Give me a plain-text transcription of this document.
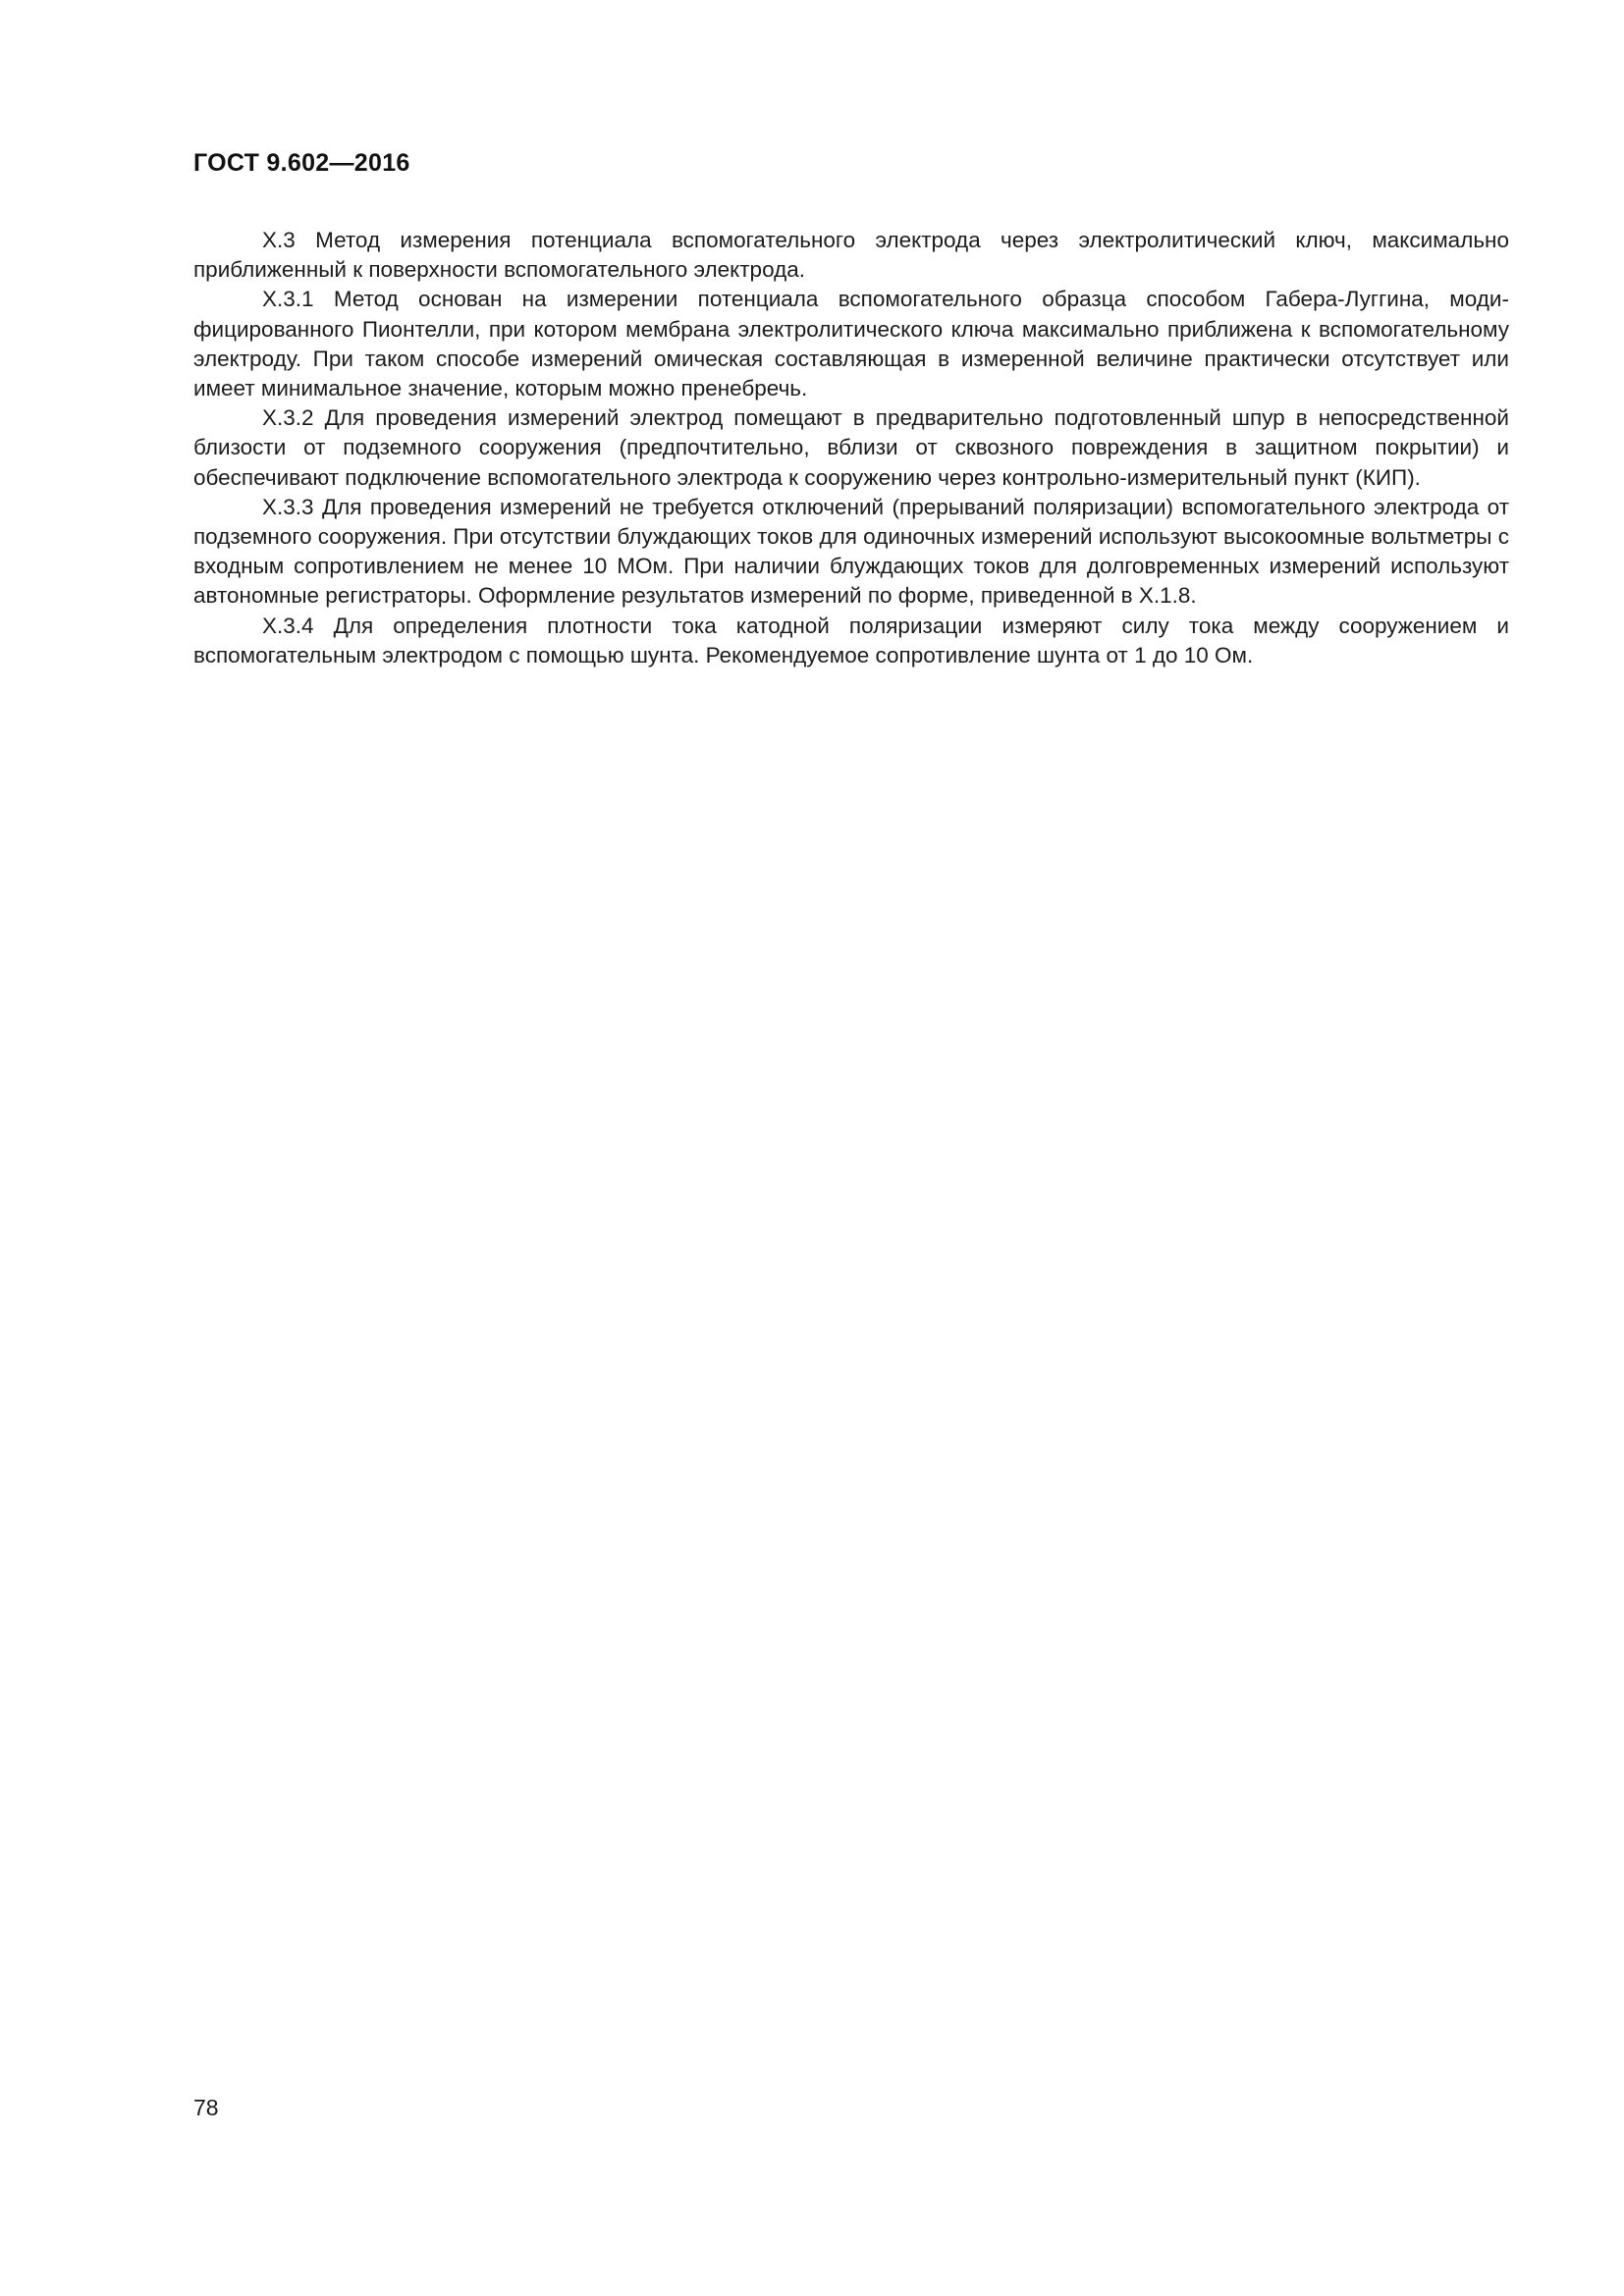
ГОСТ 9.602—2016

X.3 Метод измерения потенциала вспомогательного электрода через электролитический ключ, максимально приближенный к поверхности вспомогательного электрода.

X.3.1 Метод основан на измерении потенциала вспомогательного образца способом Габера-Луггина, модифицированного Пионтелли, при котором мембрана электролитического ключа максимально приближена к вспомогательному электроду. При таком способе измерений омическая составляющая в измеренной величине практически отсутствует или имеет минимальное значение, которым можно пренебречь.

X.3.2 Для проведения измерений электрод помещают в предварительно подготовленный шпур в непосредственной близости от подземного сооружения (предпочтительно, вблизи от сквозного повреждения в защитном покрытии) и обеспечивают подключение вспомогательного электрода к сооружению через контрольно-измерительный пункт (КИП).

X.3.3 Для проведения измерений не требуется отключений (прерываний поляризации) вспомогательного электрода от подземного сооружения. При отсутствии блуждающих токов для одиночных измерений используют высокоомные вольтметры с входным сопротивлением не менее 10 МОм. При наличии блуждающих токов для долговременных измерений используют автономные регистраторы. Оформление результатов измерений по форме, приведенной в X.1.8.

X.3.4 Для определения плотности тока катодной поляризации измеряют силу тока между сооружением и вспомогательным электродом с помощью шунта. Рекомендуемое сопротивление шунта от 1 до 10 Ом.

78
